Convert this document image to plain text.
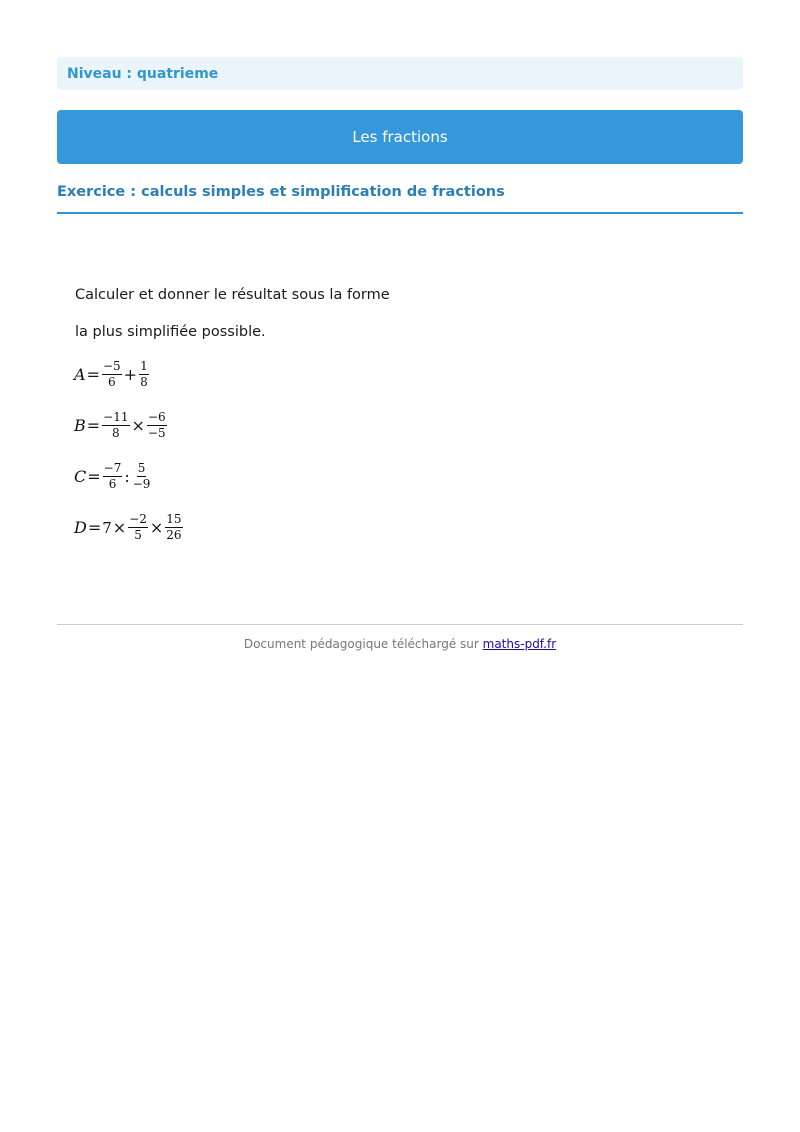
Niveau : quatrieme
Les fractions
Exercice : calculs simples et simplification de fractions
Calculer et donner le résultat sous la forme
la plus simplifiée possible.
$A = \frac{-5}{6} + \frac{1}{8}$
$B = \frac{-11}{8} \times \frac{-6}{-5}$
$C = \frac{-7}{6}$ : $\frac{5}{-9}$
$D = 7 \times \frac{-2}{5} \times \frac{15}{26}$
Document pédagogique téléchargé sur maths-pdf.fr
